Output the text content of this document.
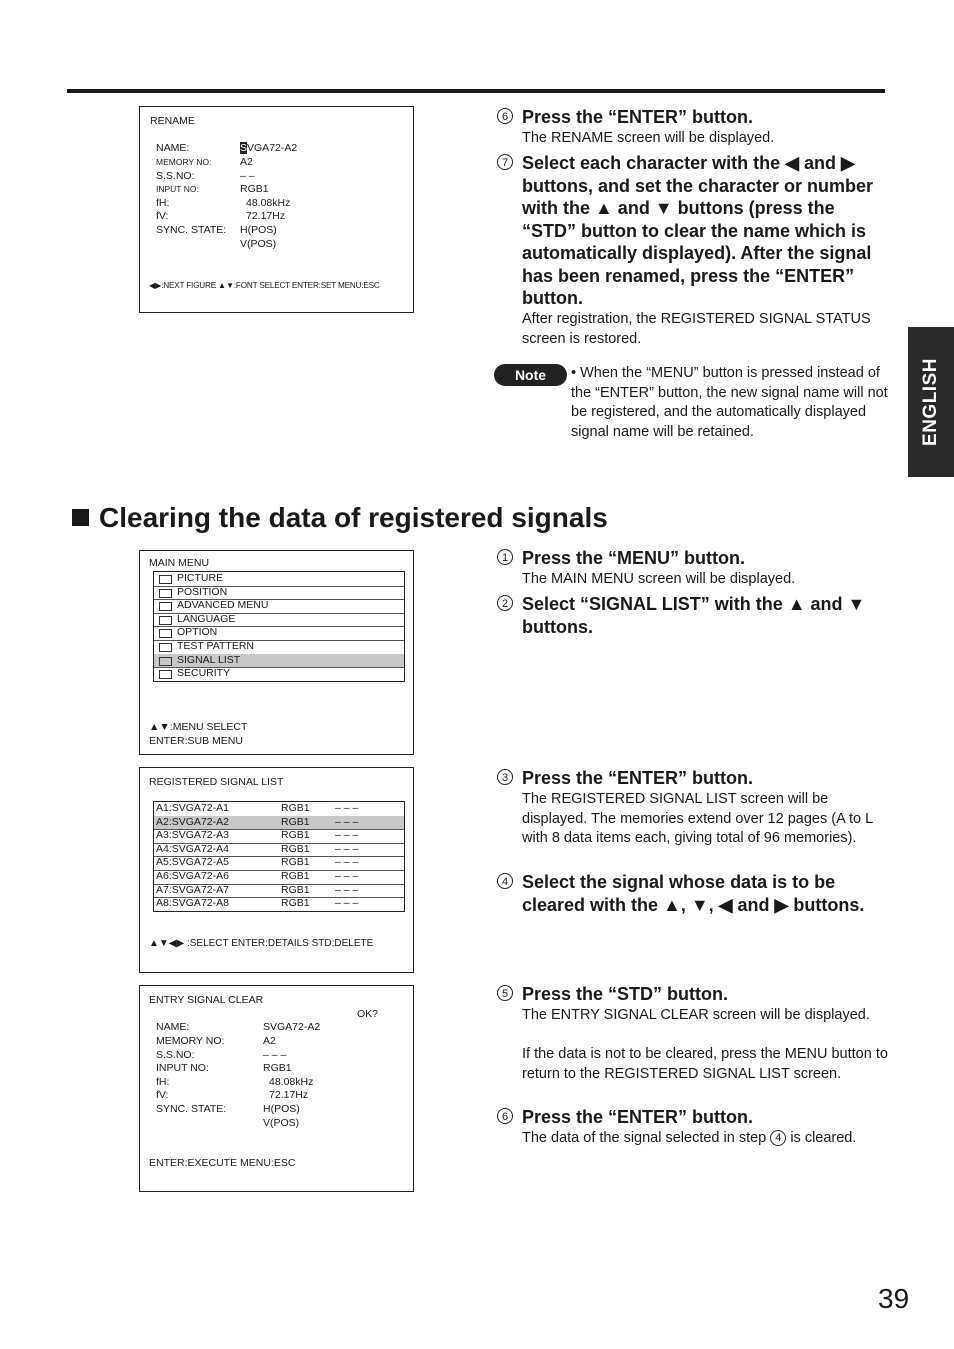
RENAME
NAME:	SVGA72-A2
MEMORY NO:	A2
S.S.NO:	– –
INPUT NO:	RGB1
fH:	48.08kHz
fV:	72.17Hz
SYNC. STATE: H(POS)
V(POS)
◀▶:NEXT FIGURE ▲▼:FONT SELECT ENTER:SET MENU:ESC
6 Press the “ENTER” button.
The RENAME screen will be displayed.
7 Select each character with the ◀ and ▶ buttons, and set the character or number with the ▲ and ▼ buttons (press the “STD” button to clear the name which is automatically displayed). After the signal has been renamed, press the “ENTER” button.
After registration, the REGISTERED SIGNAL STATUS screen is restored.
Note	• When the “MENU” button is pressed instead of the “ENTER” button, the new signal name will not be registered, and the automatically displayed signal name will be retained.	ENGLISH
Clearing the data of registered signals
MAIN MENU
PICTURE
POSITION
ADVANCED MENU
LANGUAGE
OPTION
TEST PATTERN
SIGNAL LIST
SECURITY
▲▼:MENU SELECT
ENTER:SUB MENU
REGISTERED SIGNAL LIST
A1:SVGA72-A1	RGB1 – – –
A2:SVGA72-A2	RGB1 – – –
A3:SVGA72-A3	RGB1 – – –
A4:SVGA72-A4	RGB1 – – –
A5:SVGA72-A5	RGB1 – – –
A6:SVGA72-A6	RGB1 – – –
A7:SVGA72-A7	RGB1 – – –
A8:SVGA72-A8	RGB1 – – –
▲▼◀▶ :SELECT ENTER:DETAILS STD:DELETE
ENTRY SIGNAL CLEAR
OK?
NAME:	SVGA72-A2
MEMORY NO:	A2
S.S.NO:	– – –
INPUT NO:	RGB1
fH:	48.08kHz
fV:	72.17Hz
SYNC. STATE:	H(POS)
V(POS)
ENTER:EXECUTE MENU:ESC
1 Press the “MENU” button.
The MAIN MENU screen will be displayed.
2 Select “SIGNAL LIST” with the ▲ and ▼ buttons.
3 Press the “ENTER” button.
The REGISTERED SIGNAL LIST screen will be displayed. The memories extend over 12 pages (A to L with 8 data items each, giving total of 96 memories).
4 Select the signal whose data is to be cleared with the ▲, ▼, ◀ and ▶ buttons.
5 Press the “STD” button.
The ENTRY SIGNAL CLEAR screen will be displayed.
If the data is not to be cleared, press the MENU button to return to the REGISTERED SIGNAL LIST screen.
6 Press the “ENTER” button.
The data of the signal selected in step 4 is cleared.
39
